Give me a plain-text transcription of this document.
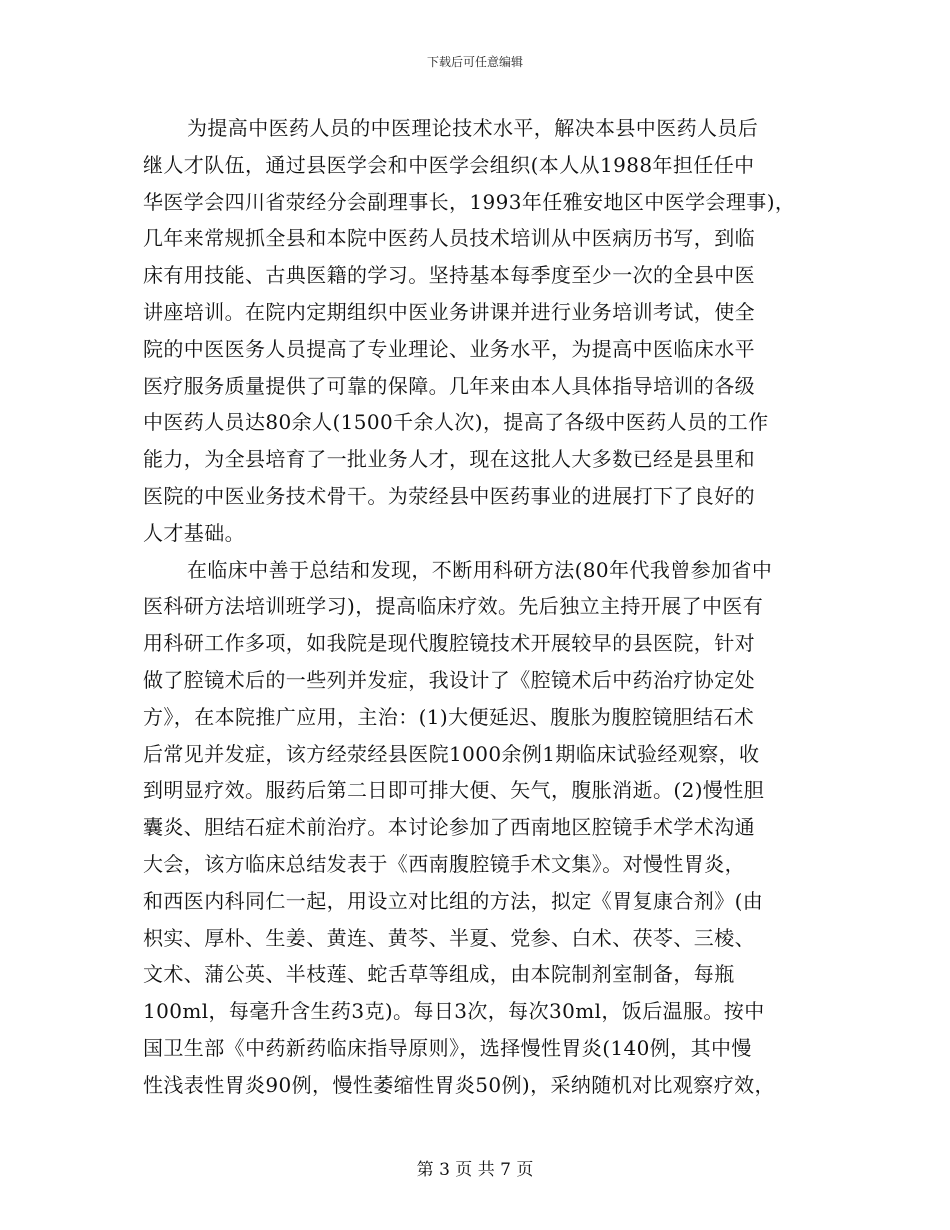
下载后可任意编辑
为提高中医药人员的中医理论技术水平，解决本县中医药人员后
继人才队伍，通过县医学会和中医学会组织(本人从1988年担任任中
华医学会四川省荥经分会副理事长，1993年任雅安地区中医学会理事)，
几年来常规抓全县和本院中医药人员技术培训从中医病历书写，到临
床有用技能、古典医籍的学习。坚持基本每季度至少一次的全县中医
讲座培训。在院内定期组织中医业务讲课并进行业务培训考试，使全
院的中医医务人员提高了专业理论、业务水平，为提高中医临床水平
医疗服务质量提供了可靠的保障。几年来由本人具体指导培训的各级
中医药人员达80余人(1500千余人次)，提高了各级中医药人员的工作
能力，为全县培育了一批业务人才，现在这批人大多数已经是县里和
医院的中医业务技术骨干。为荥经县中医药事业的进展打下了良好的
人才基础。
在临床中善于总结和发现，不断用科研方法(80年代我曾参加省中
医科研方法培训班学习)，提高临床疗效。先后独立主持开展了中医有
用科研工作多项，如我院是现代腹腔镜技术开展较早的县医院，针对
做了腔镜术后的一些列并发症，我设计了《腔镜术后中药治疗协定处
方》，在本院推广应用，主治：(1)大便延迟、腹胀为腹腔镜胆结石术
后常见并发症，该方经荥经县医院1000余例1期临床试验经观察，收
到明显疗效。服药后第二日即可排大便、矢气，腹胀消逝。(2)慢性胆
囊炎、胆结石症术前治疗。本讨论参加了西南地区腔镜手术学术沟通
大会，该方临床总结发表于《西南腹腔镜手术文集》。对慢性胃炎，
和西医内科同仁一起，用设立对比组的方法，拟定《胃复康合剂》(由
枳实、厚朴、生姜、黄连、黄芩、半夏、党参、白术、茯苓、三棱、
文术、蒲公英、半枝莲、蛇舌草等组成，由本院制剂室制备，每瓶
100ml，每毫升含生药3克)。每日3次，每次30ml，饭后温服。按中
国卫生部《中药新药临床指导原则》，选择慢性胃炎(140例，其中慢
性浅表性胃炎90例，慢性萎缩性胃炎50例)，采纳随机对比观察疗效，
第 3 页 共 7 页
